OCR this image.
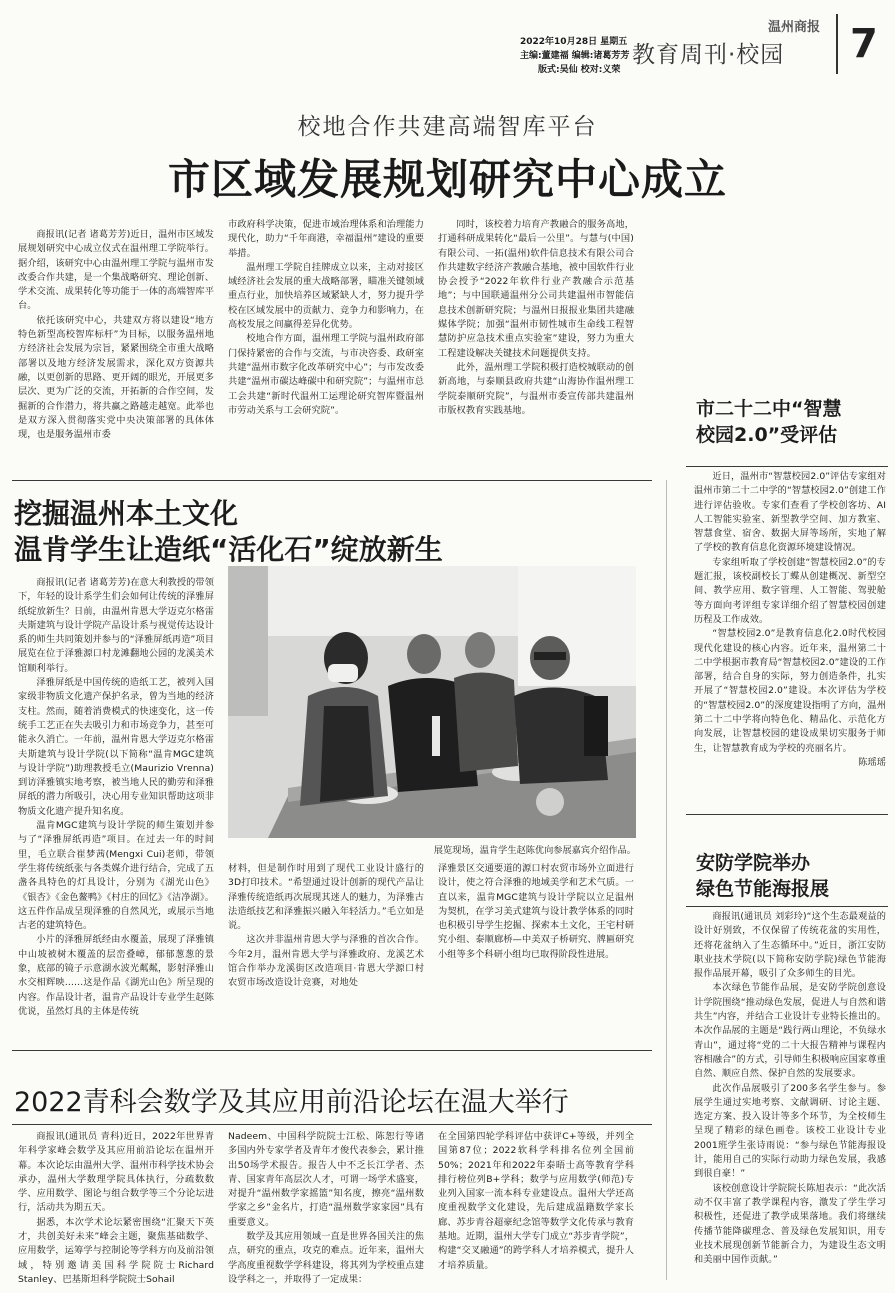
2022年10月28日 星期五
主编:董建福 编辑:诸葛芳芳
版式:吴仙 校对:义荣
温州商报
教育周刊·校园 7
校地合作共建高端智库平台
市区域发展规划研究中心成立

商报讯(记者 诸葛芳芳)近日，温州市区域发展规划研究中心成立仪式在温州理工学院举行。据介绍，该研究中心由温州理工学院与温州市发改委合作共建，是一个集战略研究、理论创新、学术交流、成果转化等功能于一体的高端智库平台。

依托该研究中心，共建双方将以建设“地方特色新型高校智库标杆”为目标，以服务温州地方经济社会发展为宗旨，紧紧围绕全市重大战略部署以及地方经济发展需求，深化双方资源共融，以更创新的思路、更开阔的眼光，开展更多层次、更为广泛的交流，开拓新的合作空间，发掘新的合作潜力，将共赢之路越走越宽。此举也是双方深入贯彻落实党中央决策部署的具体体现，也是服务温州市委

市政府科学决策，促进市域治理体系和治理能力现代化，助力“千年商港，幸福温州”建设的重要举措。

温州理工学院自挂牌成立以来，主动对接区域经济社会发展的重大战略部署，瞄准关键领域重点行业，加快培养区域紧缺人才，努力提升学校在区域发展中的贡献力、竞争力和影响力，在高校发展之间赢得差异化优势。

校地合作方面，温州理工学院与温州政府部门保持紧密的合作与交流，与市决咨委、政研室共建“温州市数字化改革研究中心”；与市发改委共建“温州市碳达峰碳中和研究院”；与温州市总工会共建“新时代温州工运理论研究智库暨温州市劳动关系与工会研究院”。

同时，该校着力培育产教融合的服务高地，打通科研成果转化“最后一公里”。与慧与(中国)有限公司、一拓(温州)软件信息技术有限公司合作共建数字经济产教融合基地，被中国软件行业协会授予“2022年软件行业产教融合示范基地”；与中国联通温州分公司共建温州市智能信息技术创新研究院；与温州日报报业集团共建融媒体学院；加强“温州市韧性城市生命线工程智慧防护应急技术重点实验室”建设，努力为重大工程建设解决关键技术问题提供支持。

此外，温州理工学院积极打造校城联动的创新高地，与泰顺县政府共建“山海协作温州理工学院泰顺研究院”，与温州市委宣传部共建温州市版权教育实践基地。	市二十二中“智慧
校园2.0”受评估

近日，温州市“智慧校园2.0”评估专家组对温州市第二十二中学的“智慧校园2.0”创建工作进行评估验收。专家们查看了学校创客坊、AI人工智能实验室、新型教学空间、加方教室、智慧食堂、宿舍、数据大屏等场所，实地了解了学校的教育信息化资源环境建设情况。

专家组听取了学校创建“智慧校园2.0”的专题汇报，该校副校长丁蝶从创建概况、新型空间、教学应用、数字管理、人工智能、驾驶舱等方面向考评组专家详细介绍了智慧校园创建历程及工作成效。

“智慧校园2.0”是教育信息化2.0时代校园现代化建设的核心内容。近年来，温州第二十二中学根据市教育局“智慧校园2.0”建设的工作部署，结合自身的实际，努力创造条件，扎实开展了“智慧校园2.0”建设。本次评估为学校的“智慧校园2.0”的深度建设指明了方向，温州第二十二中学将向特色化、精品化、示范化方向发展，让智慧校园的建设成果切实服务于师生，让智慧教育成为学校的亮丽名片。

陈瑶瑶
挖掘温州本土文化
温肯学生让造纸“活化石”绽放新生

商报讯(记者 诸葛芳芳)在意大利教授的带领下，年轻的设计系学生们会如何让传统的泽雅屏纸绽放新生？日前，由温州肯恩大学迈克尔格雷夫斯建筑与设计学院产品设计系与视觉传达设计系的师生共同策划并参与的“泽雅屏纸再造”项目展览在位于泽雅源口村龙滩翻地公园的龙溪美术馆顺利举行。

泽雅屏纸是中国传统的造纸工艺，被列入国家级非物质文化遗产保护名录，曾为当地的经济支柱。然而，随着消费模式的快速变化，这一传统手工艺正在失去吸引力和市场竞争力，甚至可能永久消亡。一年前，温州肯恩大学迈克尔格雷夫斯建筑与设计学院(以下简称“温肯MGC建筑与设计学院”)助理教授毛立(Maurizio Vrenna)到访泽雅镇实地考察，被当地人民的勤劳和泽雅屏纸的潜力所吸引，决心用专业知识帮助这项非物质文化遗产提升知名度。

温肯MGC建筑与设计学院的师生策划并参与了“泽雅屏纸再造”项目。在过去一年的时间里，毛立联合崔梦茜(Mengxi Cui)老师，带领学生将传统纸张与各类媒介进行结合，完成了五盏各具特色的灯具设计，分别为《湖光山色》《银杏》《金色鳌鸭》《村庄的回忆》《洁净湖》。这五件作品成呈现泽雅的自然风光，或展示当地古老的建筑特色。

小片的泽雅屏纸经由水覆盖，展现了泽雅镇中山坡被树木覆盖的层峦叠嶂，郁郁葱葱的景象，底部的镜子示意湖水波光粼粼，影射泽雅山水交相辉映……这是作品《湖光山色》所呈现的内容。作品设计者，温肯产品设计专业学生赵陈优说，虽然灯具的主体是传统

展览现场，温肯学生赵陈优向参展嘉宾介绍作品。

材料，但是制作时用到了现代工业设计盛行的3D打印技术。“希望通过设计创新的现代产品让泽雅传统造纸再次展现其迷人的魅力，为泽雅古法造纸技艺和泽雅振兴融入年轻活力。”毛立如是说。

这次并非温州肯恩大学与泽雅的首次合作。今年2月，温州肯恩大学与泽雅政府、龙溪艺术馆合作举办龙溪街区改造项目·肯恩大学源口村农贸市场改造设计竞赛，对地处

泽雅景区交通要道的源口村农贸市场外立面进行设计，使之符合泽雅的地域美学和艺术气质。一直以来，温肯MGC建筑与设计学院以立足温州为契机，在学习美式建筑与设计教学体系的同时也积极引导学生挖掘、探索本土文化，王宅村研究小组、泰顺廊桥—中美双子桥研究、牌匾研究小组等多个科研小组均已取得阶段性进展。

安防学院举办
绿色节能海报展

商报讯(通讯员 刘彩玲)“这个生态最观益的设计好别致，不仅保留了传统花盆的实用性，还将花盆纳入了生态循环中。”近日，浙江安防职业技术学院(以下简称安防学院)绿色节能海报作品展开幕，吸引了众多师生的目光。

本次绿色节能作品展，是安防学院创意设计学院围绕“推动绿色发展，促进人与自然和谐共生”内容，并结合工业设计专业特长推出的。本次作品展的主题是“践行两山理论，不负绿水青山”，通过将“党的二十大报告精神与课程内容相融合”的方式，引导师生积极响应国家尊重自然、顺应自然、保护自然的发展要求。

此次作品展吸引了200多名学生参与。参展学生通过实地考察、文献调研、讨论主题、选定方案、投入设计等多个环节，为全校师生呈现了精彩的绿色画卷。该校工业设计专业2001班学生张诗雨说：“参与绿色节能海报设计，能用自己的实际行动助力绿色发展，我感到很自豪！”

该校创意设计学院院长陈旭表示：“此次活动不仅丰富了教学课程内容，激发了学生学习积极性，还促进了教学成果落地。我们将继续传播节能降碳理念、普及绿色发展知识，用专业技术展现创新节能新合力，为建设生态文明和美丽中国作贡献。”

2022青科会数学及其应用前沿论坛在温大举行

商报讯(通讯员 青科)近日，2022年世界青年科学家峰会数学及其应用前沿论坛在温州开幕。本次论坛由温州大学、温州市科学技术协会承办，温州大学数理学院具体执行，分疏数数学、应用数学、图论与组合数学等三个分论坛进行，活动共为期五天。

据悉，本次学术论坛紧密围绕“汇聚天下英才，共创美好未来”峰会主题，聚焦基础数学、应用数学，运筹学与控制论等学科方向及前沿领域，特别邀请美国科学院院士Richard Stanley、巴基斯坦科学院院士Sohail

Nadeem、中国科学院院士江松、陈恕行等诸多国内外专家学者及青年才俊代表参会，累计推出50场学术报告。报告人中不乏长江学者、杰青、国家青年高层次人才，可谓一场学术盛宴，对提升“温州数学家摇篮”知名度，擦亮“温州数学家之乡”金名片，打造“温州数学家家园”具有重要意义。

数学及其应用领域一直是世界各国关注的焦点，研究的重点，攻克的难点。近年来，温州大学高度重视数学学科建设，将其列为学校重点建设学科之一，并取得了一定成果：

在全国第四轮学科评估中获评C+等级，并列全国第87位；2022软科学科排名位列全国前50%；2021年和2022年泰晤士高等教育学科排行榜位列B+学科；数学与应用数学(师范)专业列入国家一流本科专业建设点。温州大学还高度重视数学文化建设，先后建成温籍数学家长廊、苏步青谷超豪纪念馆等数学文化传承与教育基地。近期，温州大学专门成立“苏步青学院”，构建“交叉融通”的跨学科人才培养模式，提升人才培养质量。
